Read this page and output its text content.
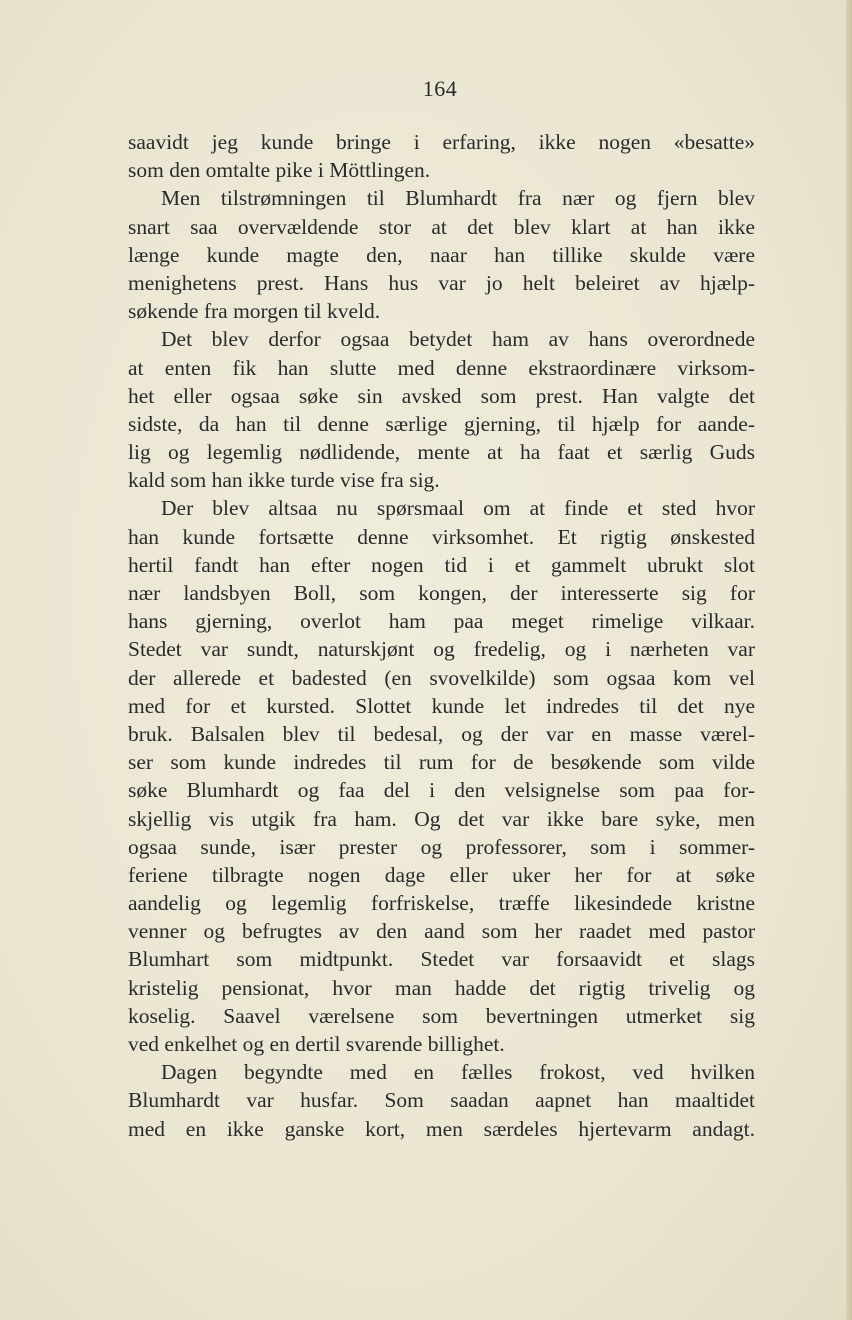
164
saavidt jeg kunde bringe i erfaring, ikke nogen «besatte»
som den omtalte pike i Möttlingen.
Men tilstrømningen til Blumhardt fra nær og fjern blev
snart saa overvældende stor at det blev klart at han ikke
længe kunde magte den, naar han tillike skulde være
menighetens prest. Hans hus var jo helt beleiret av hjælp-
søkende fra morgen til kveld.
Det blev derfor ogsaa betydet ham av hans overordnede
at enten fik han slutte med denne ekstraordinære virksom-
het eller ogsaa søke sin avsked som prest. Han valgte det
sidste, da han til denne særlige gjerning, til hjælp for aande-
lig og legemlig nødlidende, mente at ha faat et særlig Guds
kald som han ikke turde vise fra sig.
Der blev altsaa nu spørsmaal om at finde et sted hvor
han kunde fortsætte denne virksomhet. Et rigtig ønskested
hertil fandt han efter nogen tid i et gammelt ubrukt slot
nær landsbyen Boll, som kongen, der interesserte sig for
hans gjerning, overlot ham paa meget rimelige vilkaar.
Stedet var sundt, naturskjønt og fredelig, og i nærheten var
der allerede et badested (en svovelkilde) som ogsaa kom vel
med for et kursted. Slottet kunde let indredes til det nye
bruk. Balsalen blev til bedesal, og der var en masse værel-
ser som kunde indredes til rum for de besøkende som vilde
søke Blumhardt og faa del i den velsignelse som paa for-
skjellig vis utgik fra ham. Og det var ikke bare syke, men
ogsaa sunde, især prester og professorer, som i sommer-
feriene tilbragte nogen dage eller uker her for at søke
aandelig og legemlig forfriskelse, træffe likesindede kristne
venner og befrugtes av den aand som her raadet med pastor
Blumhart som midtpunkt. Stedet var forsaavidt et slags
kristelig pensionat, hvor man hadde det rigtig trivelig og
koselig. Saavel værelsene som bevertningen utmerket sig
ved enkelhet og en dertil svarende billighet.
Dagen begyndte med en fælles frokost, ved hvilken
Blumhardt var husfar. Som saadan aapnet han maaltidet
med en ikke ganske kort, men særdeles hjertevarm andagt.
